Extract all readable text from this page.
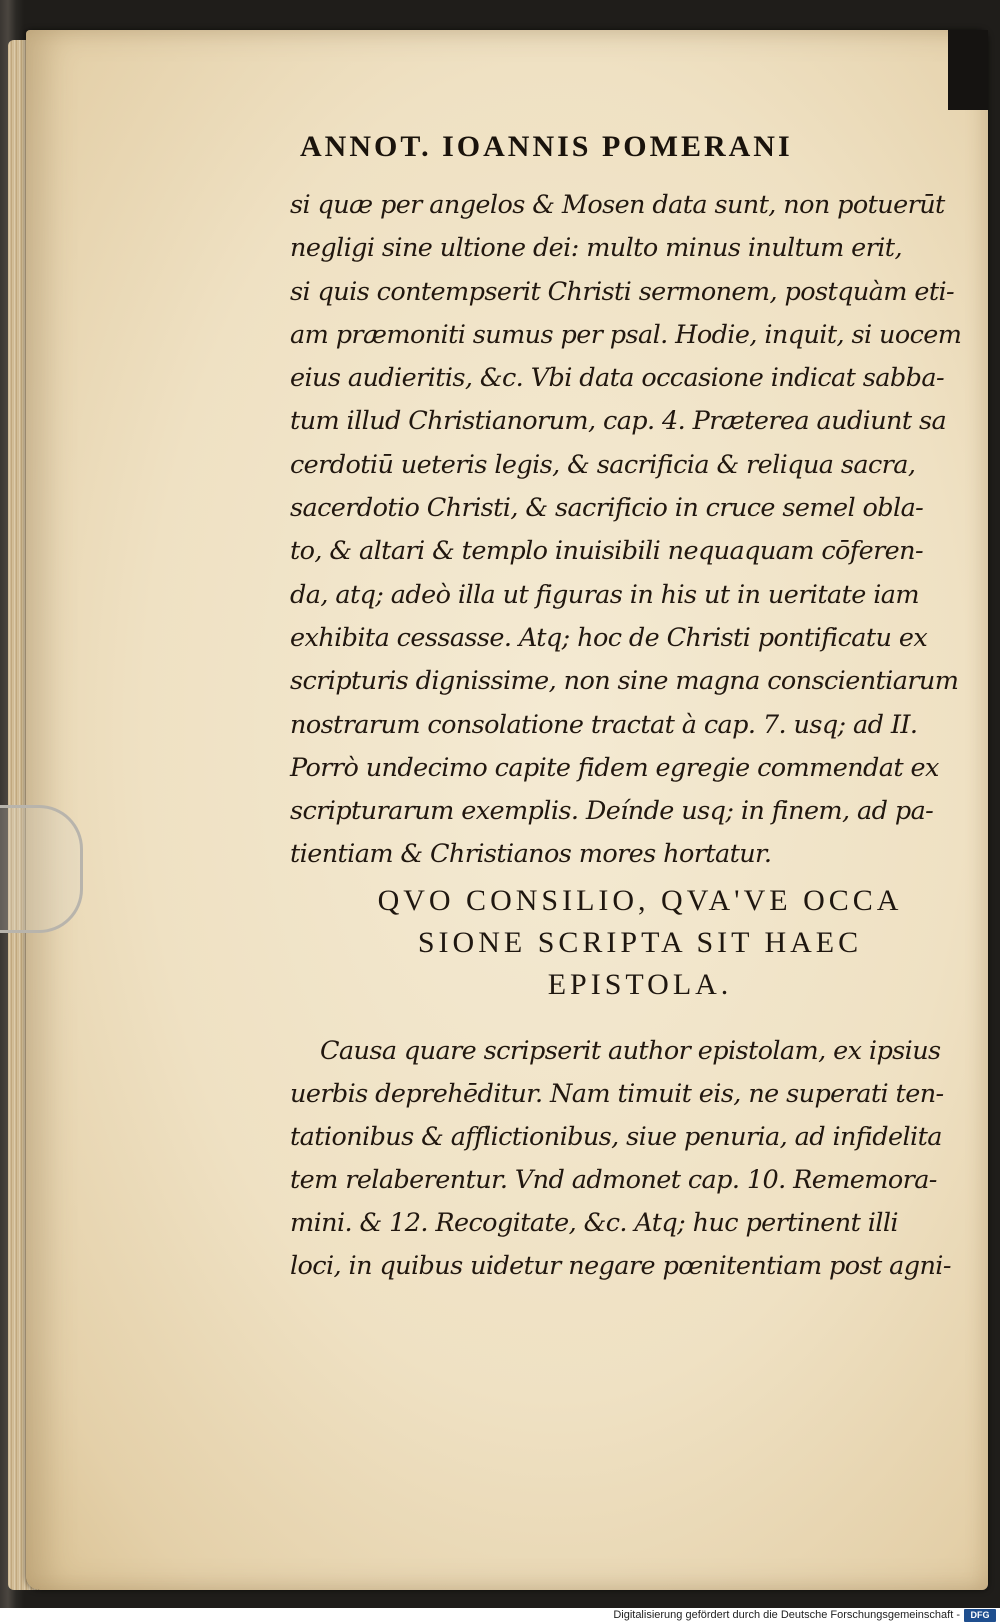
ANNOT. IOANNIS POMERANI
si quæ per angelos & Mosen data sunt, non potuerūt
negligi sine ultione dei: multo minus inultum erit,
si quis contempserit Christi sermonem, postquàm eti-
am præmoniti sumus per psal. Hodie, inquit, si uocem
eius audieritis, &c. Vbi data occasione indicat sabba-
tum illud Christianorum, cap. 4. Præterea audiunt sa
cerdotiū ueteris legis, & sacrificia & reliqua sacra,
sacerdotio Christi, & sacrificio in cruce semel obla-
to, & altari & templo inuisibili nequaquam cōferen-
da, atq; adeò illa ut figuras in his ut in ueritate iam
exhibita cessasse. Atq; hoc de Christi pontificatu ex
scripturis dignissime, non sine magna conscientiarum
nostrarum consolatione tractat à cap. 7. usq; ad II.
Porrò undecimo capite fidem egregie commendat ex
scripturarum exemplis. Deínde usq; in finem, ad pa-
tientiam & Christianos mores hortatur.
QVO CONSILIO, QVA'VE OCCA
SIONE SCRIPTA SIT HAEC
EPISTOLA.
Causa quare scripserit author epistolam, ex ipsius
uerbis deprehēditur. Nam timuit eis, ne superati ten-
tationibus & afflictionibus, siue penuria, ad infidelita
tem relaberentur. Vnd admonet cap. 10. Rememora-
mini. & 12. Recogitate, &c. Atq; huc pertinent illi
loci, in quibus uidetur negare pœnitentiam post agni-
Digitalisierung gefördert durch die Deutsche Forschungsgemeinschaft -	DFG
